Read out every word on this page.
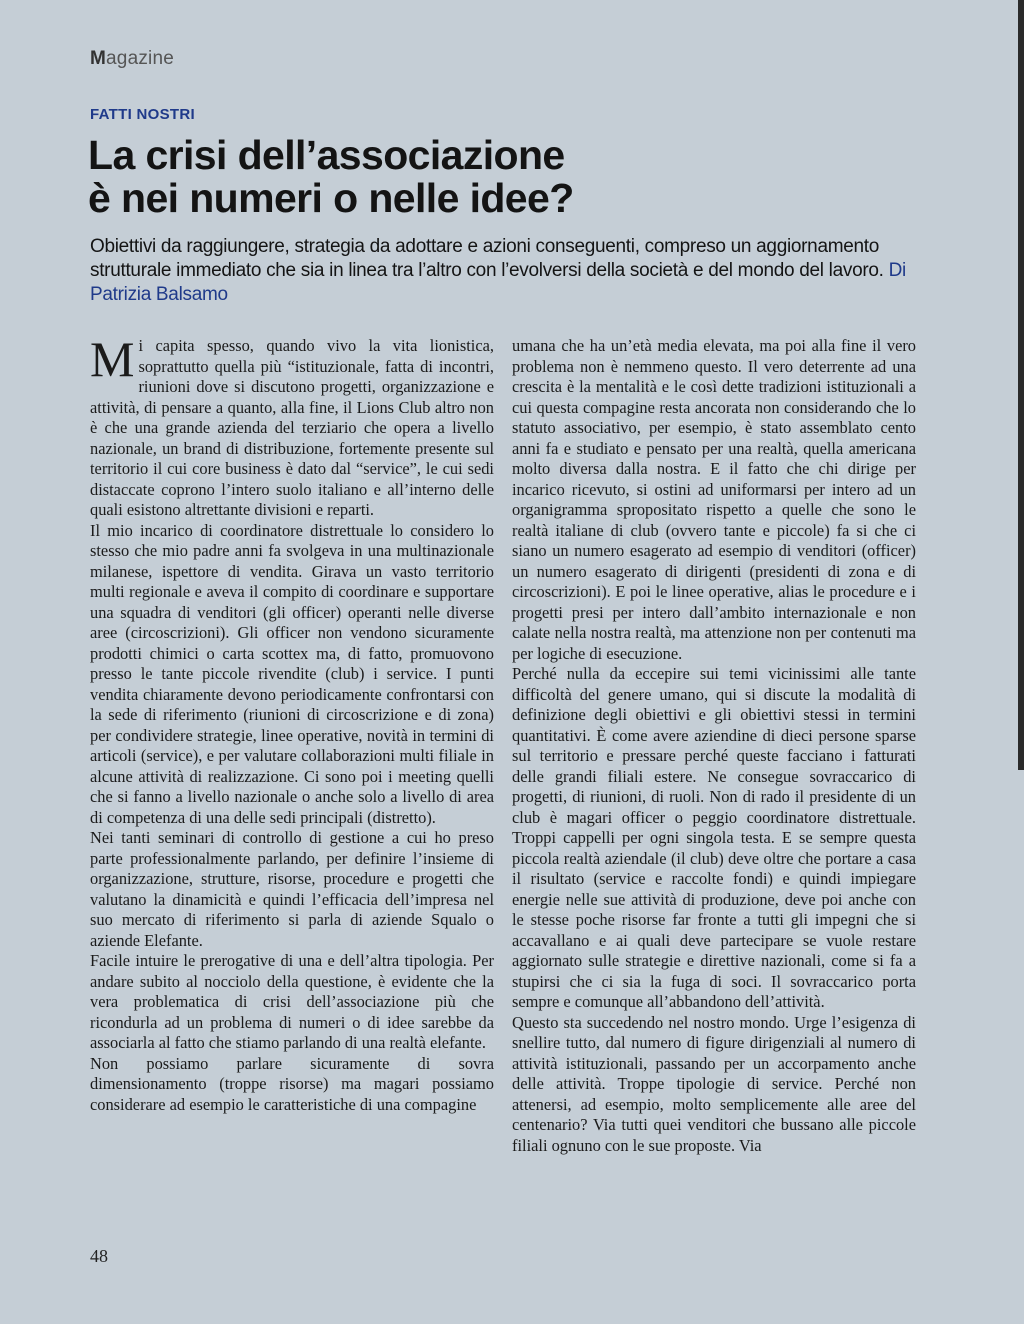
Magazine
FATTI NOSTRI
La crisi dell’associazione
è nei numeri o nelle idee?
Obiettivi da raggiungere, strategia da adottare e azioni conseguenti, compreso un aggiornamento strutturale immediato che sia in linea tra l’altro con l’evolversi della società e del mondo del lavoro. Di Patrizia Balsamo

Mi capita spesso, quando vivo la vita lionistica, soprattutto quella più “istituzionale, fatta di incontri, riunioni dove si discutono progetti, organizzazione e attività, di pensare a quanto, alla fine, il Lions Club altro non è che una grande azienda del terziario che opera a livello nazionale, un brand di distribuzione, fortemente presente sul territorio il cui core business è dato dal “service”, le cui sedi distaccate coprono l’intero suolo italiano e all’interno delle quali esistono altrettante divisioni e reparti.

Il mio incarico di coordinatore distrettuale lo considero lo stesso che mio padre anni fa svolgeva in una multinazionale milanese, ispettore di vendita. Girava un vasto territorio multi regionale e aveva il compito di coordinare e supportare una squadra di venditori (gli officer) operanti nelle diverse aree (circoscrizioni). Gli officer non vendono sicuramente prodotti chimici o carta scottex ma, di fatto, promuovono presso le tante piccole rivendite (club) i service. I punti vendita chiaramente devono periodicamente confrontarsi con la sede di riferimento (riunioni di circoscrizione e di zona) per condividere strategie, linee operative, novità in termini di articoli (service), e per valutare collaborazioni multi filiale in alcune attività di realizzazione. Ci sono poi i meeting quelli che si fanno a livello nazionale o anche solo a livello di area di competenza di una delle sedi principali (distretto).

Nei tanti seminari di controllo di gestione a cui ho preso parte professionalmente parlando, per definire l’insieme di organizzazione, strutture, risorse, procedure e progetti che valutano la dinamicità e quindi l’efficacia dell’impresa nel suo mercato di riferimento si parla di aziende Squalo o aziende Elefante.

Facile intuire le prerogative di una e dell’altra tipologia. Per andare subito al nocciolo della questione, è evidente che la vera problematica di crisi dell’associazione più che ricondurla ad un problema di numeri o di idee sarebbe da associarla al fatto che stiamo parlando di una realtà elefante.

Non possiamo parlare sicuramente di sovra dimensionamento (troppe risorse) ma magari possiamo considerare ad esempio le caratteristiche di una compagine

umana che ha un’età media elevata, ma poi alla fine il vero problema non è nemmeno questo. Il vero deterrente ad una crescita è la mentalità e le così dette tradizioni istituzionali a cui questa compagine resta ancorata non considerando che lo statuto associativo, per esempio, è stato assemblato cento anni fa e studiato e pensato per una realtà, quella americana molto diversa dalla nostra. E il fatto che chi dirige per incarico ricevuto, si ostini ad uniformarsi per intero ad un organigramma spropositato rispetto a quelle che sono le realtà italiane di club (ovvero tante e piccole) fa si che ci siano un numero esagerato ad esempio di venditori (officer) un numero esagerato di dirigenti (presidenti di zona e di circoscrizioni). E poi le linee operative, alias le procedure e i progetti presi per intero dall’ambito internazionale e non calate nella nostra realtà, ma attenzione non per contenuti ma per logiche di esecuzione.

Perché nulla da eccepire sui temi vicinissimi alle tante difficoltà del genere umano, qui si discute la modalità di definizione degli obiettivi e gli obiettivi stessi in termini quantitativi. È come avere aziendine di dieci persone sparse sul territorio e pressare perché queste facciano i fatturati delle grandi filiali estere. Ne consegue sovraccarico di progetti, di riunioni, di ruoli. Non di rado il presidente di un club è magari officer o peggio coordinatore distrettuale. Troppi cappelli per ogni singola testa. E se sempre questa piccola realtà aziendale (il club) deve oltre che portare a casa il risultato (service e raccolte fondi) e quindi impiegare energie nelle sue attività di produzione, deve poi anche con le stesse poche risorse far fronte a tutti gli impegni che si accavallano e ai quali deve partecipare se vuole restare aggiornato sulle strategie e direttive nazionali, come si fa a stupirsi che ci sia la fuga di soci. Il sovraccarico porta sempre e comunque all’abbandono dell’attività.

Questo sta succedendo nel nostro mondo. Urge l’esigenza di snellire tutto, dal numero di figure dirigenziali al numero di attività istituzionali, passando per un accorpamento anche delle attività. Troppe tipologie di service. Perché non attenersi, ad esempio, molto semplicemente alle aree del centenario? Via tutti quei venditori che bussano alle piccole filiali ognuno con le sue proposte. Via

48
